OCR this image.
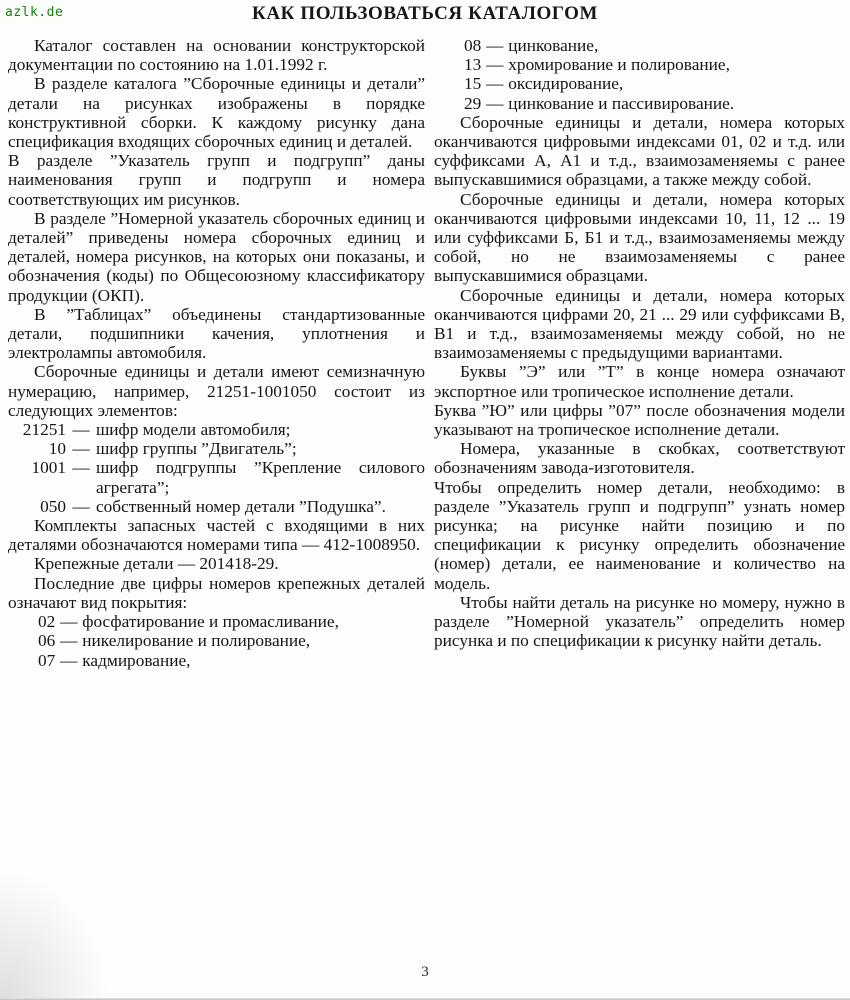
azlk.de	КАК ПОЛЬЗОВАТЬСЯ КАТАЛОГОМ

Каталог составлен на основании конструкторской документации по состоянию на 1.01.1992 г.

В разделе каталога ”Сборочные единицы и детали” детали на рисунках изображены в порядке конструктивной сборки. К каждому рисунку дана спецификация входящих сборочных единиц и деталей.

В разделе ”Указатель групп и подгрупп” даны наименования групп и подгрупп и номера соответствующих им рисунков.

В разделе ”Номерной указатель сборочных единиц и деталей” приведены номера сборочных единиц и деталей, номера рисунков, на которых они показаны, и обозначения (коды) по Общесоюзному классификатору продукции (ОКП).

В ”Таблицах” объединены стандартизованные детали, подшипники качения, уплотнения и электролампы автомобиля.

Сборочные единицы и детали имеют семизначную нумерацию, например, 21251-1001050 состоит из следующих элементов:

21251 — шифр модели автомобиля;
10 — шифр группы ”Двигатель”;
1001 — шифр подгруппы ”Крепление силового агрегата”;
050 — собственный номер детали ”Подушка”.

Комплекты запасных частей с входящими в них деталями обозначаются номерами типа — 412-1008950.

Крепежные детали — 201418-29.

Последние две цифры номеров крепежных деталей означают вид покрытия:

02 — фосфатирование и промасливание,
06 — никелирование и полирование,
07 — кадмирование,
08 — цинкование,
13 — хромирование и полирование,
15 — оксидирование,
29 — цинкование и пассивирование.

Сборочные единицы и детали, номера которых оканчиваются цифровыми индексами 01, 02 и т.д. или суффиксами А, А1 и т.д., взаимозаменяемы с ранее выпускавшимися образцами, а также между собой.

Сборочные единицы и детали, номера которых оканчиваются цифровыми индексами 10, 11, 12 ... 19 или суффиксами Б, Б1 и т.д., взаимозаменяемы между собой, но не взаимозаменяемы с ранее выпускавшимися образцами.

Сборочные единицы и детали, номера которых оканчиваются цифрами 20, 21 ... 29 или суффиксами В, В1 и т.д., взаимозаменяемы между собой, но не взаимозаменяемы с предыдущими вариантами.

Буквы ”Э” или ”Т” в конце номера означают экспортное или тропическое исполнение детали.

Буква ”Ю” или цифры ”07” после обозначения модели указывают на тропическое исполнение детали.

Номера, указанные в скобках, соответствуют обозначениям завода-изготовителя.

Чтобы определить номер детали, необходимо: в разделе ”Указатель групп и подгрупп” узнать номер рисунка; на рисунке найти позицию и по спецификации к рисунку определить обозначение (номер) детали, ее наименование и количество на модель.

Чтобы найти деталь на рисунке но момеру, нужно в разделе ”Номерной указатель” определить номер рисунка и по спецификации к рисунку найти деталь.

3
